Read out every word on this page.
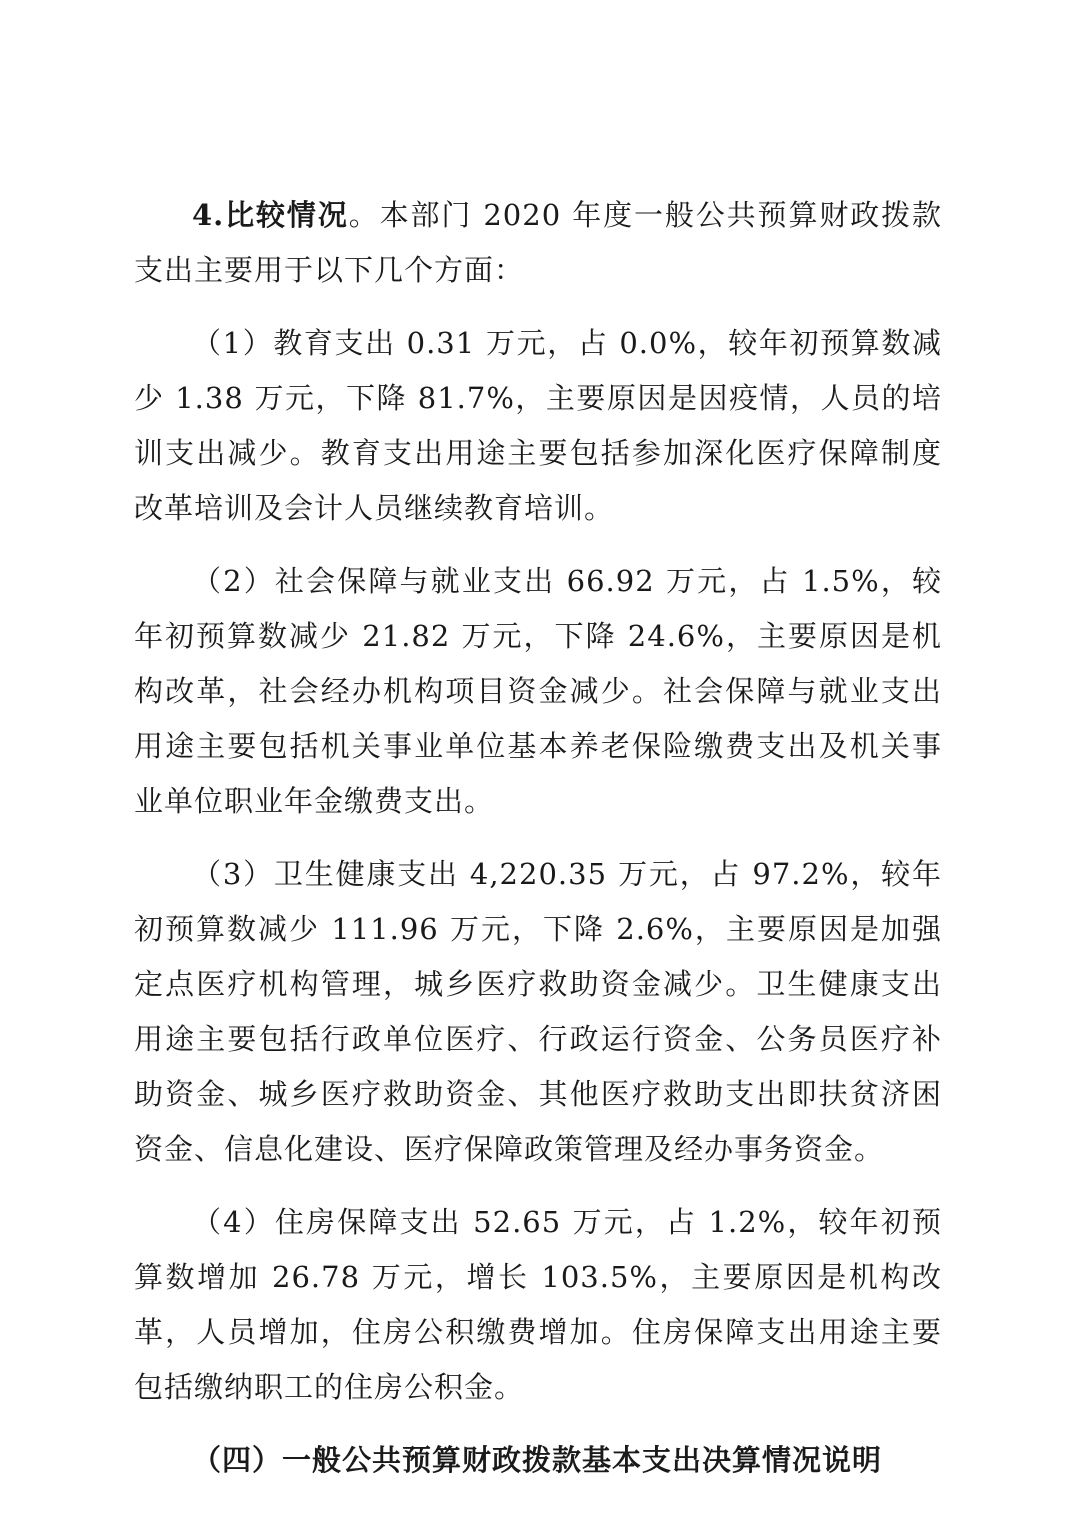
4.比较情况。本部门 2020 年度一般公共预算财政拨款支出主要用于以下几个方面：

（1）教育支出 0.31 万元，占 0.0%，较年初预算数减少 1.38 万元，下降 81.7%，主要原因是因疫情，人员的培训支出减少。教育支出用途主要包括参加深化医疗保障制度改革培训及会计人员继续教育培训。

（2）社会保障与就业支出 66.92 万元，占 1.5%，较年初预算数减少 21.82 万元，下降 24.6%，主要原因是机构改革，社会经办机构项目资金减少。社会保障与就业支出用途主要包括机关事业单位基本养老保险缴费支出及机关事业单位职业年金缴费支出。

（3）卫生健康支出 4,220.35 万元，占 97.2%，较年初预算数减少 111.96 万元，下降 2.6%，主要原因是加强定点医疗机构管理，城乡医疗救助资金减少。卫生健康支出用途主要包括行政单位医疗、行政运行资金、公务员医疗补助资金、城乡医疗救助资金、其他医疗救助支出即扶贫济困资金、信息化建设、医疗保障政策管理及经办事务资金。

（4）住房保障支出 52.65 万元，占 1.2%，较年初预算数增加 26.78 万元，增长 103.5%，主要原因是机构改革，人员增加，住房公积缴费增加。住房保障支出用途主要包括缴纳职工的住房公积金。

（四）一般公共预算财政拨款基本支出决算情况说明
